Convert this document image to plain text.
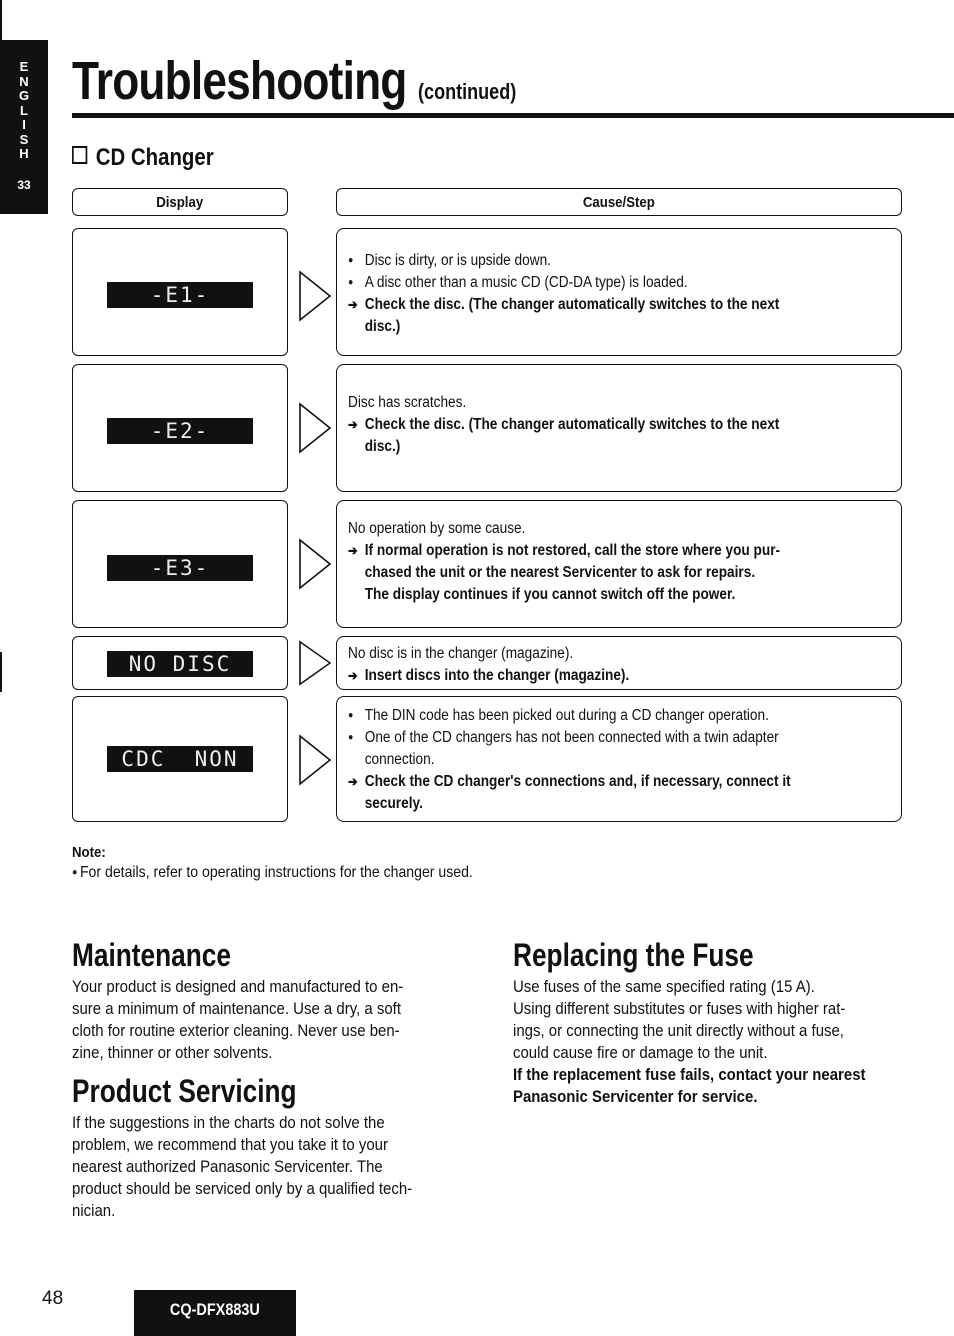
E
N
G
L
I
S
H
33
Troubleshooting (continued)
CD Changer
Display	Cause/Step
-E1-
● Disc is dirty, or is upside down.
● A disc other than a music CD (CD-DA type) is loaded.
➔ Check the disc. (The changer automatically switches to the next
disc.)
-E2-
Disc has scratches.
➔ Check the disc. (The changer automatically switches to the next
disc.)
-E3-
No operation by some cause.
➔ If normal operation is not restored, call the store where you pur-
chased the unit or the nearest Servicenter to ask for repairs.
The display continues if you cannot switch off the power.
NO DISC	No disc is in the changer (magazine).
➔ Insert discs into the changer (magazine).
CDC  NON
● The DIN code has been picked out during a CD changer operation.
● One of the CD changers has not been connected with a twin adapter
connection.
➔ Check the CD changer's connections and, if necessary, connect it
securely.
Note:
● For details, refer to operating instructions for the changer used.
Maintenance
Your product is designed and manufactured to en-
sure a minimum of maintenance. Use a dry, a soft
cloth for routine exterior cleaning. Never use ben-
zine, thinner or other solvents.
Product Servicing
If the suggestions in the charts do not solve the
problem, we recommend that you take it to your
nearest authorized Panasonic Servicenter. The
product should be serviced only by a qualified tech-
nician.
Replacing the Fuse
Use fuses of the same specified rating (15 A).
Using different substitutes or fuses with higher rat-
ings, or connecting the unit directly without a fuse,
could cause fire or damage to the unit.
If the replacement fuse fails, contact your nearest
Panasonic Servicenter for service.
48
CQ-DFX883U
